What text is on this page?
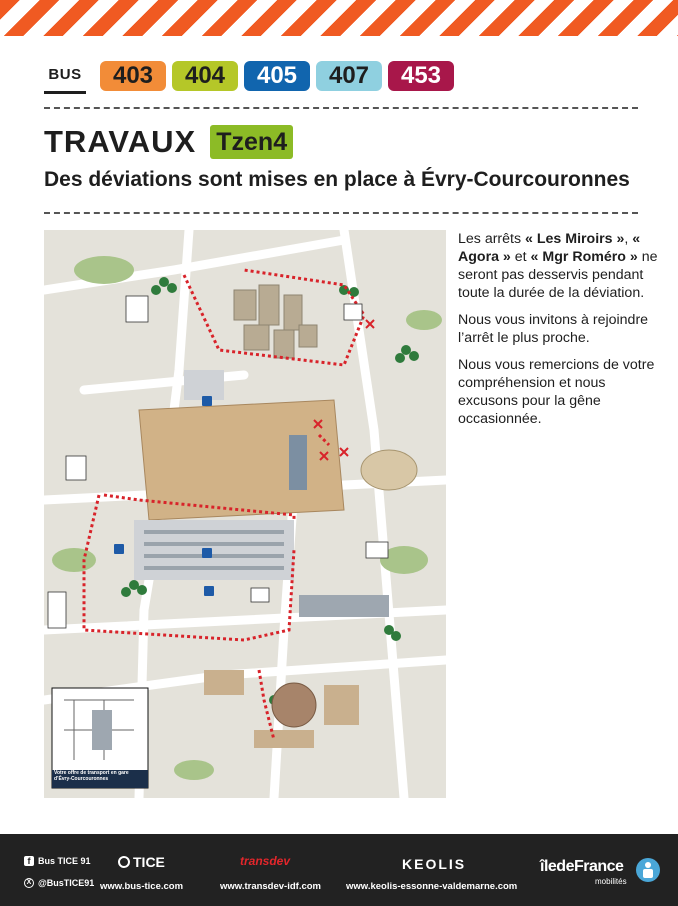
BUS	403	404	405	407	453
TRAVAUX Tzen4
Des déviations sont mises en place à Évry-Courcouronnes
Votre offre de transport en gare d’Évry-Courcouronnes

Les arrêts « Les Miroirs », « Agora » et « Mgr Roméro » ne seront pas desservis pendant toute la durée de la déviation.

Nous vous invitons à rejoindre l’arrêt le plus proche.

Nous vous remercions de votre compréhension et nous excusons pour la gêne occasionnée.

f Bus TICE 91
X @BusTICE91
TICE
www.bus-tice.com
transdev
www.transdev-idf.com
KEOLIS
www.keolis-essonne-valdemarne.com
îledeFrance
mobilités
